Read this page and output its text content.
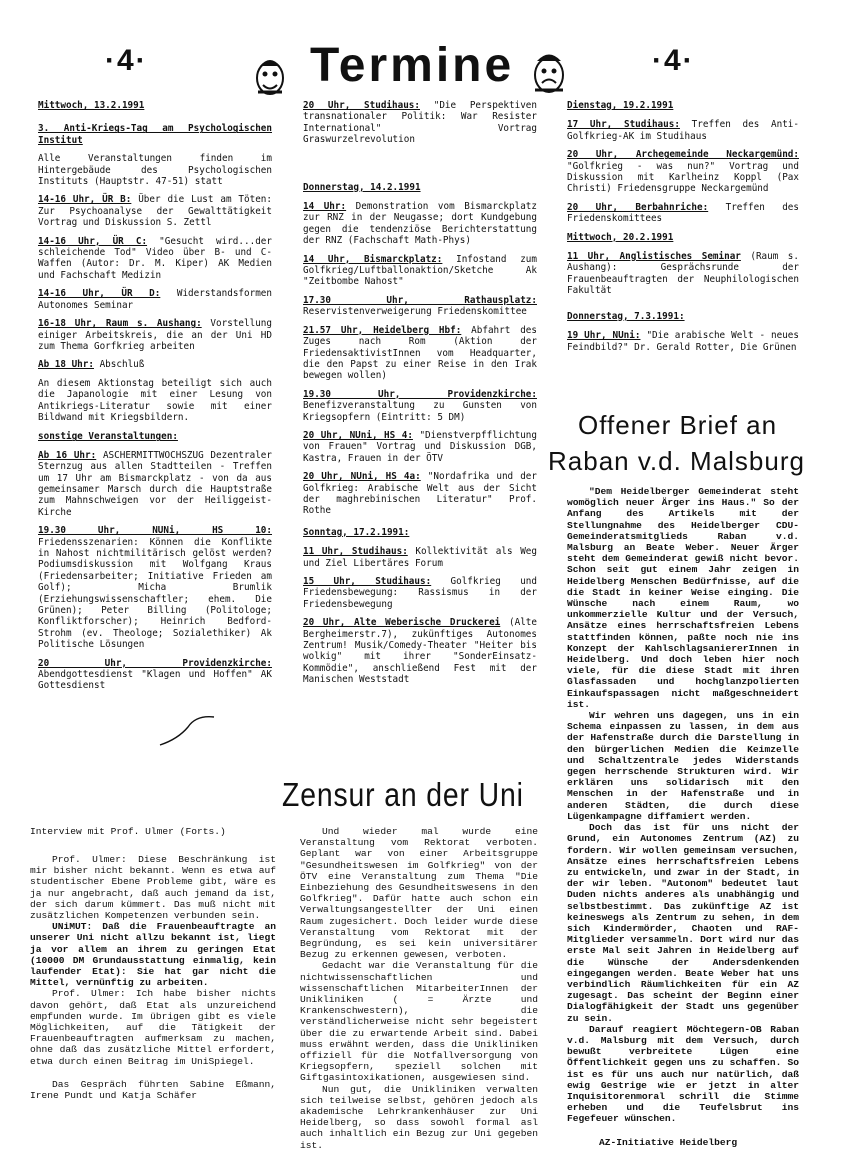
·4·	Termine	·4·
Mittwoch, 13.2.1991
3. Anti-Kriegs-Tag am Psychologischen Institut
Alle Veranstaltungen finden im Hintergebäude des Psychologischen Instituts (Hauptstr. 47-51) statt
14-16 Uhr, ÜR B: Über die Lust am Töten: Zur Psychoanalyse der Gewalttätigkeit Vortrag und Diskussion S. Zettl
14-16 Uhr, ÜR C: "Gesucht wird...der schleichende Tod" Video über B- und C-Waffen (Autor: Dr. M. Kiper) AK Medien und Fachschaft Medizin
14-16 Uhr, ÜR D: Widerstandsformen Autonomes Seminar
16-18 Uhr, Raum s. Aushang: Vorstellung einiger Arbeitskreis, die an der Uni HD zum Thema Gorfkrieg arbeiten
Ab 18 Uhr: Abschluß
An diesem Aktionstag beteiligt sich auch die Japanologie mit einer Lesung von Antikriegs-Literatur sowie mit einer Bildwand mit Kriegsbildern.
sonstige Veranstaltungen:
Ab 16 Uhr: ASCHERMITTWOCHSZUG Dezentraler Sternzug aus allen Stadtteilen - Treffen um 17 Uhr am Bismarckplatz - von da aus gemeinsamer Marsch durch die Hauptstraße zum Mahnschweigen vor der Heiliggeist-Kirche
19.30 Uhr, NUNi, HS 10: Friedensszenarien: Können die Konflikte in Nahost nichtmilitärisch gelöst werden? Podiumsdiskussion mit Wolfgang Kraus (Friedensarbeiter; Initiative Frieden am Golf); Micha Brumlik (Erziehungswissenschaftler; ehem. Die Grünen); Peter Billing (Politologe; Konfliktforscher); Heinrich Bedford-Strohm (ev. Theologe; Sozialethiker) Ak Politische Lösungen
20 Uhr, Providenzkirche: Abendgottesdienst "Klagen und Hoffen" AK Gottesdienst
20 Uhr, Studihaus: "Die Perspektiven transnationaler Politik: War Resister International" Vortrag Graswurzelrevolution
Donnerstag, 14.2.1991
14 Uhr: Demonstration vom Bismarckplatz zur RNZ in der Neugasse; dort Kundgebung gegen die tendenziöse Berichterstattung der RNZ (Fachschaft Math-Phys)
14 Uhr, Bismarckplatz: Infostand zum Golfkrieg/Luftballonaktion/Sketche Ak "Zeitbombe Nahost"
17.30 Uhr, Rathausplatz: Reservistenverweigerung Friedenskomittee
21.57 Uhr, Heidelberg Hbf: Abfahrt des Zuges nach Rom (Aktion der FriedensaktivistInnen vom Headquarter, die den Papst zu einer Reise in den Irak bewegen wollen)
19.30 Uhr, Providenzkirche: Benefizveranstaltung zu Gunsten von Kriegsopfern (Eintritt: 5 DM)
20 Uhr, NUni, HS 4: "Dienstverpfflichtung von Frauen" Vortrag und Diskussion DGB, Kastra, Frauen in der ÖTV
20 Uhr, NUni, HS 4a: "Nordafrika und der Golfkrieg: Arabische Welt aus der Sicht der maghrebinischen Literatur" Prof. Rothe
Sonntag, 17.2.1991:
11 Uhr, Studihaus: Kollektivität als Weg und Ziel Libertäres Forum
15 Uhr, Studihaus: Golfkrieg und Friedensbewegung: Rassismus in der Friedensbewegung
20 Uhr, Alte Weberische Druckerei (Alte Bergheimerstr.7), zukünftiges Autonomes Zentrum! Musik/Comedy-Theater "Heiter bis wolkig" mit ihrer "SonderEinsatz-Kommödie", anschließend Fest mit der Manischen Weststadt
Dienstag, 19.2.1991
17 Uhr, Studihaus: Treffen des Anti-Golfkrieg-AK im Studihaus
20 Uhr, Archegemeinde Neckargemünd: "Golfkrieg - was nun?" Vortrag und Diskussion mit Karlheinz Koppl (Pax Christi) Friedensgruppe Neckargemünd
20 Uhr, Berbahnriche: Treffen des Friedenskomittees
Mittwoch, 20.2.1991
11 Uhr, Anglistisches Seminar (Raum s. Aushang): Gesprächsrunde der Frauenbeauftragten der Neuphilologischen Fakultät
Donnerstag, 7.3.1991:
19 Uhr, NUni: "Die arabische Welt - neues Feindbild?" Dr. Gerald Rotter, Die Grünen
Offener Brief an
Raban v.d. Malsburg

"Dem Heidelberger Gemeinderat steht womöglich neuer Ärger ins Haus." So der Anfang des Artikels mit der Stellungnahme des Heidelberger CDU-Gemeinderatsmitglieds Raban v.d. Malsburg an Beate Weber. Neuer Ärger steht dem Gemeinderat gewiß nicht bevor. Schon seit gut einem Jahr zeigen in Heidelberg Menschen Bedürfnisse, auf die die Stadt in keiner Weise einging. Die Wünsche nach einem Raum, wo unkommerzielle Kultur und der Versuch, Ansätze eines herrschaftsfreien Lebens stattfinden können, paßte noch nie ins Konzept der KahlschlagsaniererInnen in Heidelberg. Und doch leben hier noch viele, für die diese Stadt mit ihren Glasfassaden und hochglanzpolierten Einkaufspassagen nicht maßgeschneidert ist.

Wir wehren uns dagegen, uns in ein Schema einpassen zu lassen, in dem aus der Hafenstraße durch die Darstellung in den bürgerlichen Medien die Keimzelle und Schaltzentrale jedes Widerstands gegen herrschende Strukturen wird. Wir erklären uns solidarisch mit den Menschen in der Hafenstraße und in anderen Städten, die durch diese Lügenkampagne diffamiert werden.

Doch das ist für uns nicht der Grund, ein Autonomes Zentrum (AZ) zu fordern. Wir wollen gemeinsam versuchen, Ansätze eines herrschaftsfreien Lebens zu entwickeln, und zwar in der Stadt, in der wir leben. "Autonom" bedeutet laut Duden nichts anderes als unabhängig und selbstbestimmt. Das zukünftige AZ ist keineswegs als Zentrum zu sehen, in dem sich Kindermörder, Chaoten und RAF-Mitglieder versammeln. Dort wird nur das erste Mal seit Jahren in Heidelberg auf die Wünsche der Andersdenkenden eingegangen werden. Beate Weber hat uns verbindlich Räumlichkeiten für ein AZ zugesagt. Das scheint der Beginn einer Dialogfähigkeit der Stadt uns gegenüber zu sein.

Darauf reagiert Möchtegern-OB Raban v.d. Malsburg mit dem Versuch, durch bewußt verbreitete Lügen eine Öffentlichkeit gegen uns zu schaffen. So ist es für uns auch nur natürlich, daß ewig Gestrige wie er jetzt in alter Inquisitorenmoral schrill die Stimme erheben und die Teufelsbrut ins Fegefeuer wünschen.

AZ-Initiative Heidelberg
Zensur an der Uni

Und wieder mal wurde eine Veranstaltung vom Rektorat verboten. Geplant war von einer Arbeitsgruppe "Gesundheitswesen im Golfkrieg" von der ÖTV eine Veranstaltung zum Thema "Die Einbeziehung des Gesundheitswesens in den Golfkrieg". Dafür hatte auch schon ein Verwaltungsangestellter der Uni einen Raum zugesichert. Doch leider wurde diese Veranstaltung vom Rektorat mit der Begründung, es sei kein universitärer Bezug zu erkennen gewesen, verboten.

Gedacht war die Veranstaltung für die nichtwissenschaftlichen und wissenschaftlichen MitarbeiterInnen der Unikliniken ( = Ärzte und Krankenschwestern), die verständlicherweise nicht sehr begeistert über die zu erwartende Arbeit sind. Dabei muss erwähnt werden, dass die Unikliniken offiziell für die Notfallversorgung von Kriegsopfern, speziell solchen mit Giftgasintoxikationen, ausgewiesen sind.

Nun gut, die Unikliniken verwalten sich teilweise selbst, gehören jedoch als akademische Lehrkrankenhäuser zur Uni Heidelberg, so dass sowohl formal asl auch inhaltlich ein Bezug zur Uni gegeben ist.

Interview mit Prof. Ulmer (Forts.)

Prof. Ulmer: Diese Beschränkung ist mir bisher nicht bekannt. Wenn es etwa auf studentischer Ebene Probleme gibt, wäre es ja nur angebracht, daß auch jemand da ist, der sich darum kümmert. Das muß nicht mit zusätzlichen Kompetenzen verbunden sein.

UNiMUT: Daß die Frauenbeauftragte an unserer Uni nicht allzu bekannt ist, liegt ja vor allem an ihrem zu geringen Etat (10000 DM Grundausstattung einmalig, kein laufender Etat): Sie hat gar nicht die Mittel, vernünftig zu arbeiten.

Prof. Ulmer: Ich habe bisher nichts davon gehört, daß Etat als unzureichend empfunden wurde. Im übrigen gibt es viele Möglichkeiten, auf die Tätigkeit der Frauenbeauftragten aufmerksam zu machen, ohne daß das zusätzliche Mittel erfordert, etwa durch einen Beitrag im UniSpiegel.

Das Gespräch führten Sabine Eßmann, Irene Pundt und Katja Schäfer
